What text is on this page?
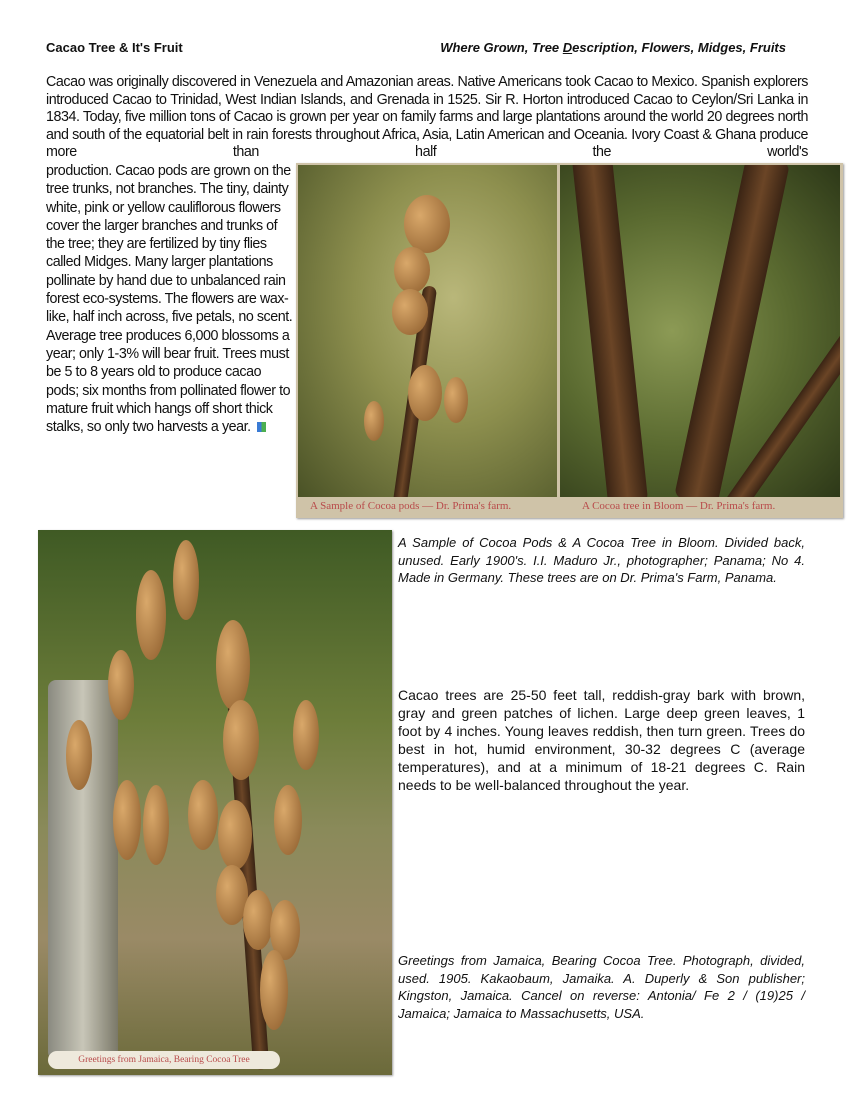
Cacao Tree & It's Fruit	Where Grown, Tree Description, Flowers, Midges, Fruits
Cacao was originally discovered in Venezuela and Amazonian areas. Native Americans took Cacao to Mexico. Spanish explorers introduced Cacao to Trinidad, West Indian Islands, and Grenada in 1525. Sir R. Horton introduced Cacao to Ceylon/Sri Lanka in 1834. Today, five million tons of Cacao is grown per year on family farms and large plantations around the world 20 degrees north and south of the equatorial belt in rain forests throughout Africa, Asia, Latin American and Oceania. Ivory Coast & Ghana produce more than half the world's
production. Cacao pods are grown on the tree trunks, not branches. The tiny, dainty white, pink or yellow cauliflorous flowers cover the larger branches and trunks of the tree; they are fertilized by tiny flies called Midges. Many larger plantations pollinate by hand due to unbalanced rain forest eco-systems. The flowers are wax-like, half inch across, five petals, no scent. Average tree produces 6,000 blossoms a year; only 1-3% will bear fruit. Trees must be 5 to 8 years old to produce cacao pods; six months from pollinated flower to mature fruit which hangs off short thick stalks, so only two harvests a year.
A Sample of Cocoa pods — Dr. Prima's farm.	A Cocoa tree in Bloom — Dr. Prima's farm.
A Sample of Cocoa Pods & A Cocoa Tree in Bloom. Divided back, unused. Early 1900's. I.I. Maduro Jr., photographer; Panama; No 4. Made in Germany. These trees are on Dr. Prima's Farm, Panama.
Cacao trees are 25-50 feet tall, reddish-gray bark with brown, gray and green patches of lichen. Large deep green leaves, 1 foot by 4 inches. Young leaves reddish, then turn green. Trees do best in hot, humid environment, 30-32 degrees C (average temperatures), and at a minimum of 18-21 degrees C. Rain needs to be well-balanced throughout the year.
Greetings from Jamaica, Bearing Cocoa Tree
Greetings from Jamaica, Bearing Cocoa Tree. Photograph, divided, used. 1905. Kakaobaum, Jamaika. A. Duperly & Son publisher; Kingston, Jamaica. Cancel on reverse: Antonia/ Fe 2 / (19)25 / Jamaica; Jamaica to Massachusetts, USA.
